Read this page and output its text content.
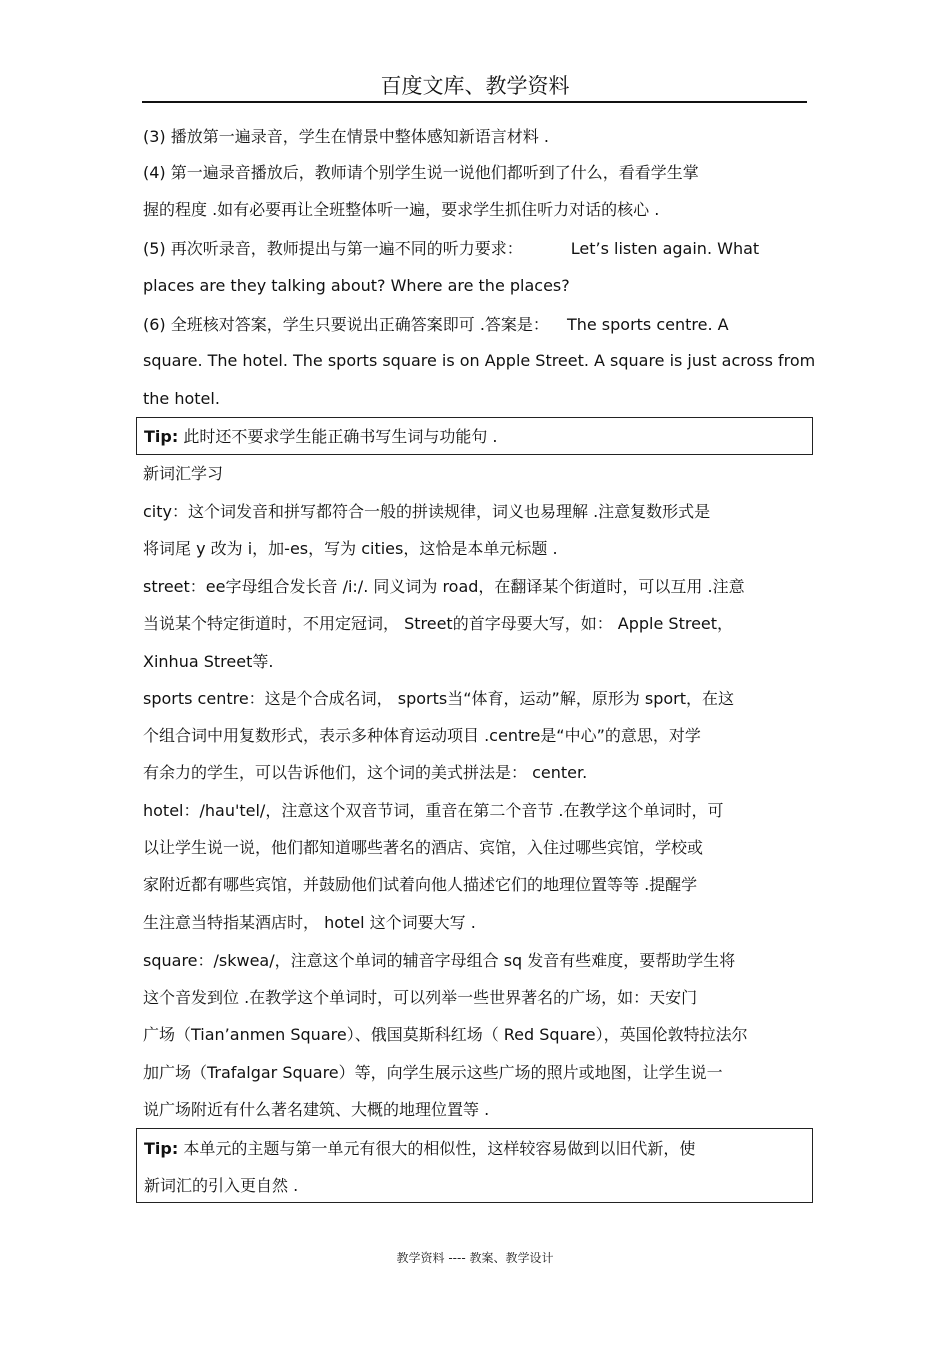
百度文库、教学资料
(3) 播放第一遍录音，学生在情景中整体感知新语言材料 .
(4) 第一遍录音播放后，教师请个别学生说一说他们都听到了什么，看看学生掌
握的程度 .如有必要再让全班整体听一遍，要求学生抓住听力对话的核心 .
(5) 再次听录音，教师提出与第一遍不同的听力要求：	Let’s listen again. What
places are they talking about? Where are the places?
(6) 全班核对答案，学生只要说出正确答案即可 .答案是： The sports centre. A
square. The hotel. The sports square is on Apple Street. A square is just across from
the hotel.
Tip: 此时还不要求学生能正确书写生词与功能句 .
新词汇学习
city：这个词发音和拼写都符合一般的拼读规律，词义也易理解 .注意复数形式是
将词尾 y 改为 i，加-es，写为 cities，这恰是本单元标题 .
street：ee字母组合发长音 /i:/. 同义词为 road，在翻译某个街道时，可以互用 .注意
当说某个特定街道时，不用定冠词， Street的首字母要大写，如： Apple Street，
Xinhua Street等.
sports centre：这是个合成名词， sports当“体育，运动”解，原形为 sport，在这
个组合词中用复数形式，表示多种体育运动项目 .centre是“中心”的意思，对学
有余力的学生，可以告诉他们，这个词的美式拼法是： center.
hotel：/hau'tel/，注意这个双音节词，重音在第二个音节 .在教学这个单词时，可
以让学生说一说，他们都知道哪些著名的酒店、宾馆，入住过哪些宾馆，学校或
家附近都有哪些宾馆，并鼓励他们试着向他人描述它们的地理位置等等 .提醒学
生注意当特指某酒店时， hotel 这个词要大写 .
square：/skwea/，注意这个单词的辅音字母组合 sq 发音有些难度，要帮助学生将
这个音发到位 .在教学这个单词时，可以列举一些世界著名的广场，如：天安门
广场（Tian’anmen Square）、俄国莫斯科红场（ Red Square），英国伦敦特拉法尔
加广场（Trafalgar Square）等，向学生展示这些广场的照片或地图，让学生说一
说广场附近有什么著名建筑、大概的地理位置等 .
Tip: 本单元的主题与第一单元有很大的相似性，这样较容易做到以旧代新，使
新词汇的引入更自然 .
教学资料 ---- 教案、教学设计
